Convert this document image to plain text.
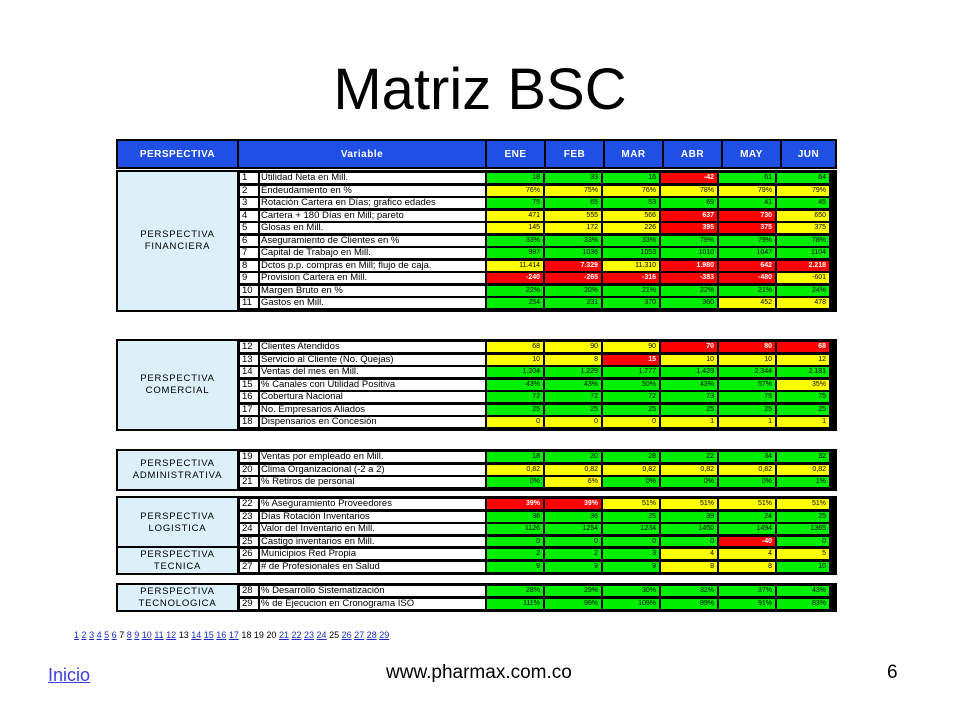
Matriz BSC
PERSPECTIVA	Variable	ENE	FEB	MAR	ABR	MAY	JUN
PERSPECTIVA
FINANCIERA
1	Utilidad Neta en Mill.	18	33	16	-42	61	64
2	Endeudamiento en %	76%	75%	76%	78%	79%	79%
3	Rotación Cartera en Días; grafico edades	75	65	53	69	41	45
4	Cartera + 180 Días en Mill; pareto	471	555	566	637	730	650
5	Glosas en Mill.	145	172	226	395	375	375
6	Aseguramiento de Clientes en %	33%	33%	33%	79%	79%	78%
7	Capital de Trabajo en Mill.	987	1036	1053	1010	1047	1104
8	Dctos p.p. compras en Mill; flujo de caja.	11.414	7.329	11.310	1.980	642	2.218
9	Provision Cartera en Mill.	-240	-265	-316	-383	-480	-601
10 Margen Bruto en %	22%	20%	21%	22%	21%	24%
11 Gastos en Mill.	254	231	370	360	452	478
PERSPECTIVA
COMERCIAL
12 Clientes Atendidos	68	90	90	70	80	68
13 Servicio al Cliente (No. Quejas)	10	8	15	10	10	12
14 Ventas del mes en Mill.	1.204	1.229	1.777	1.429	2.344	2.181
15 % Canales con Utilidad Positiva	43%	43%	50%	43%	57%	35%
16 Cobertura Nacional	72	72	72	73	75	75
17 No. Empresarios Aliados	25	25	25	25	25	25
18 Dispensarios en Concesión	0	0	0	1	1	1
PERSPECTIVA
ADMINISTRATIVA
19 Ventas por empleado en Mill.	18	20	28	22	34	32
20 Clima Organizacional (-2 a 2)	0,82	0,82	0,82	0,82	0,82	0,82
21 % Retiros de personal	0%	6%	0%	0%	0%	1%
PERSPECTIVA
LOGISTICA
22 % Aseguramiento Proveedores	39%	39%	51%	51%	51%	51%
23 Días Rotación Inventarios	36	36	25	39	24	25
24 Valor del Inventario en Mill.	1126	1254	1234	1450	1494	1365
25 Castigo inventarios en Mill.	0	0	0	0	-40	0
PERSPECTIVA
TECNICA
26 Municipios Red Propia	2	2	3	4	4	5
27 # de Profesionales en Salud	9	9	9	8	8	10
PERSPECTIVA
TECNOLOGICA
28 % Desarrollo Sistematización	28%	29%	30%	32%	37%	43%
29 % de Ejecucion en Cronograma ISO	111%	99%	109%	99%	91%	83%
1 2 3 4 5 6 7 8 9 10 11 12 13 14 15 16 17 18 19 20 21 22 23 24 25 26 27 28 29
Inicio	www.pharmax.com.co	6
